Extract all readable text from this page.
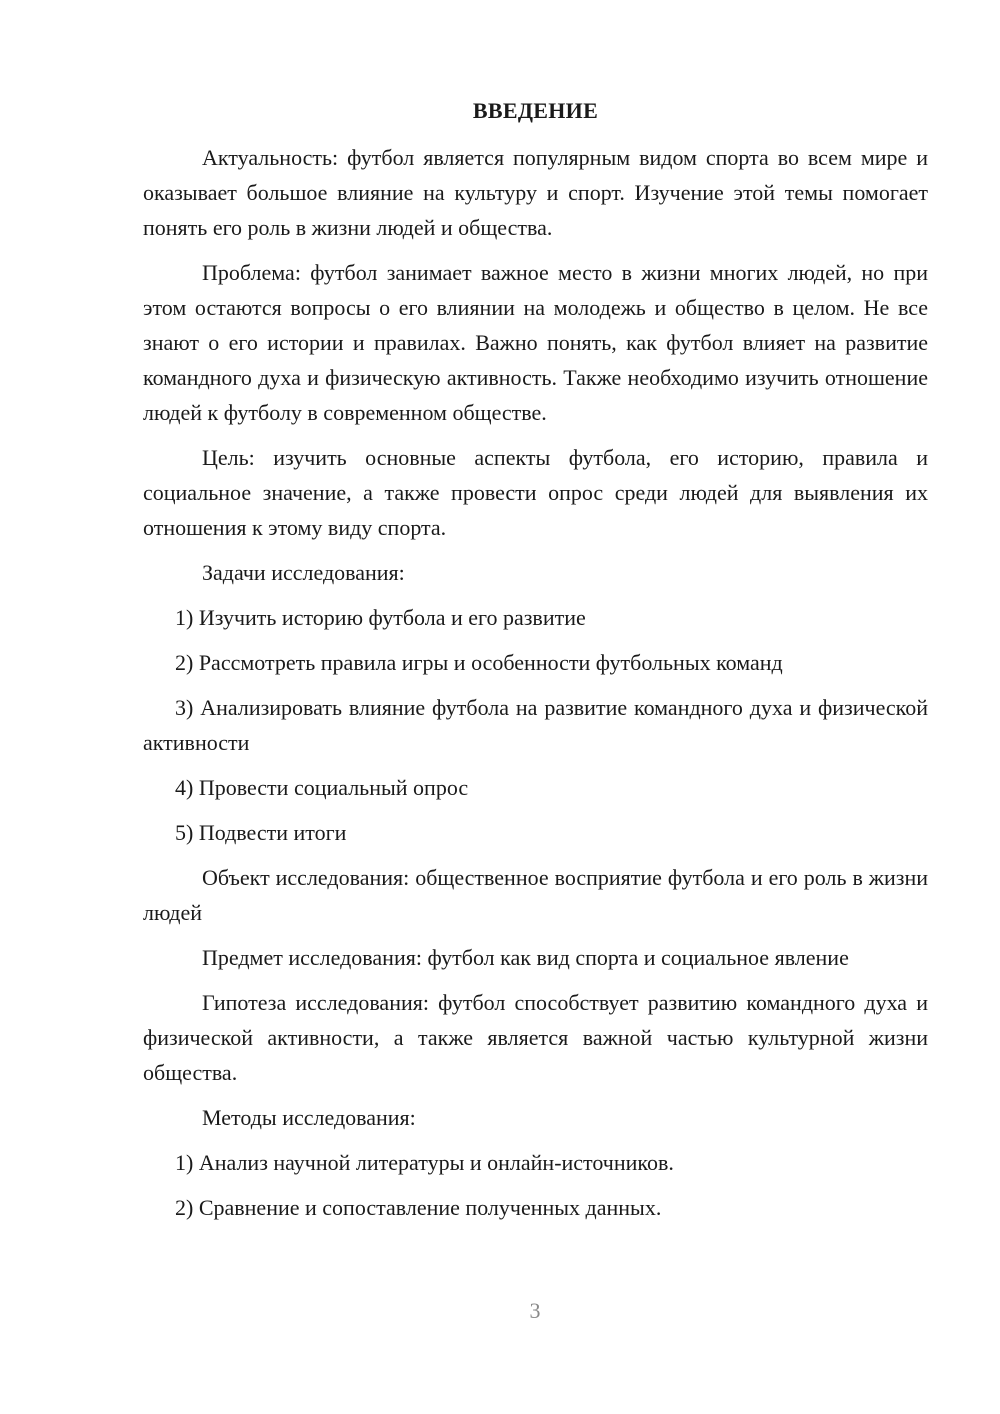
ВВЕДЕНИЕ

Актуальность: футбол является популярным видом спорта во всем мире и оказывает большое влияние на культуру и спорт. Изучение этой темы помогает понять его роль в жизни людей и общества.

Проблема: футбол занимает важное место в жизни многих людей, но при этом остаются вопросы о его влиянии на молодежь и общество в целом. Не все знают о его истории и правилах. Важно понять, как футбол влияет на развитие командного духа и физическую активность. Также необходимо изучить отношение людей к футболу в современном обществе.

Цель: изучить основные аспекты футбола, его историю, правила и социальное значение, а также провести опрос среди людей для выявления их отношения к этому виду спорта.

Задачи исследования:

1) Изучить историю футбола и его развитие

2) Рассмотреть правила игры и особенности футбольных команд

3) Анализировать влияние футбола на развитие командного духа и физической активности

4) Провести социальный опрос

5) Подвести итоги

Объект исследования: общественное восприятие футбола и его роль в жизни людей

Предмет исследования: футбол как вид спорта и социальное явление

Гипотеза исследования: футбол способствует развитию командного духа и физической активности, а также является важной частью культурной жизни общества.

Методы исследования:

1) Анализ научной литературы и онлайн-источников.

2) Сравнение и сопоставление полученных данных.

3
